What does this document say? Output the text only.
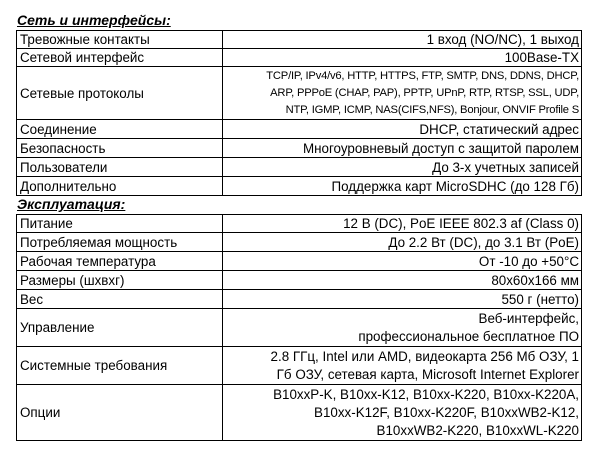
Сеть и интерфейсы:
Тревожные контакты	1 вход (NO/NC), 1 выход

Сетевой интерфейс	100Base-TX

Сетевые протоколы	TCP/IP, IPv4/v6, HTTP, HTTPS, FTP, SMTP, DNS, DDNS, DHCP,
ARP, PPPoE (CHAP, PAP), PPTP, UPnP, RTP, RTSP, SSL, UDP,
NTP, IGMP, ICMP, NAS(CIFS,NFS), Bonjour, ONVIF Profile S

Соединение	DHCP, статический адрес

Безопасность	Многоуровневый доступ с защитой паролем

Пользователи	До 3-х учетных записей

Дополнительно	Поддержка карт MicroSDHC (до 128 Гб)
Эксплуатация:
Питание	12 В (DC), PoE IEEE 802.3 af (Class 0)

Потребляемая мощность	До 2.2 Вт (DC), до 3.1 Вт (PoE)

Рабочая температура	От -10 до +50°C

Размеры (шxвxг)	80x60x166 мм

Вес	550 г (нетто)

Управление	Веб-интерфейс,
профессиональное бесплатное ПО

Системные требования	2.8 ГГц, Intel или AMD, видеокарта 256 Мб ОЗУ, 1
Гб ОЗУ, сетевая карта, Microsoft Internet Explorer

Опции	B10xxP-K, B10xx-K12, B10xx-K220, B10xx-K220A,
B10xx-K12F, B10xx-K220F, B10xxWB2-K12,
B10xxWB2-K220, B10xxWL-K220
